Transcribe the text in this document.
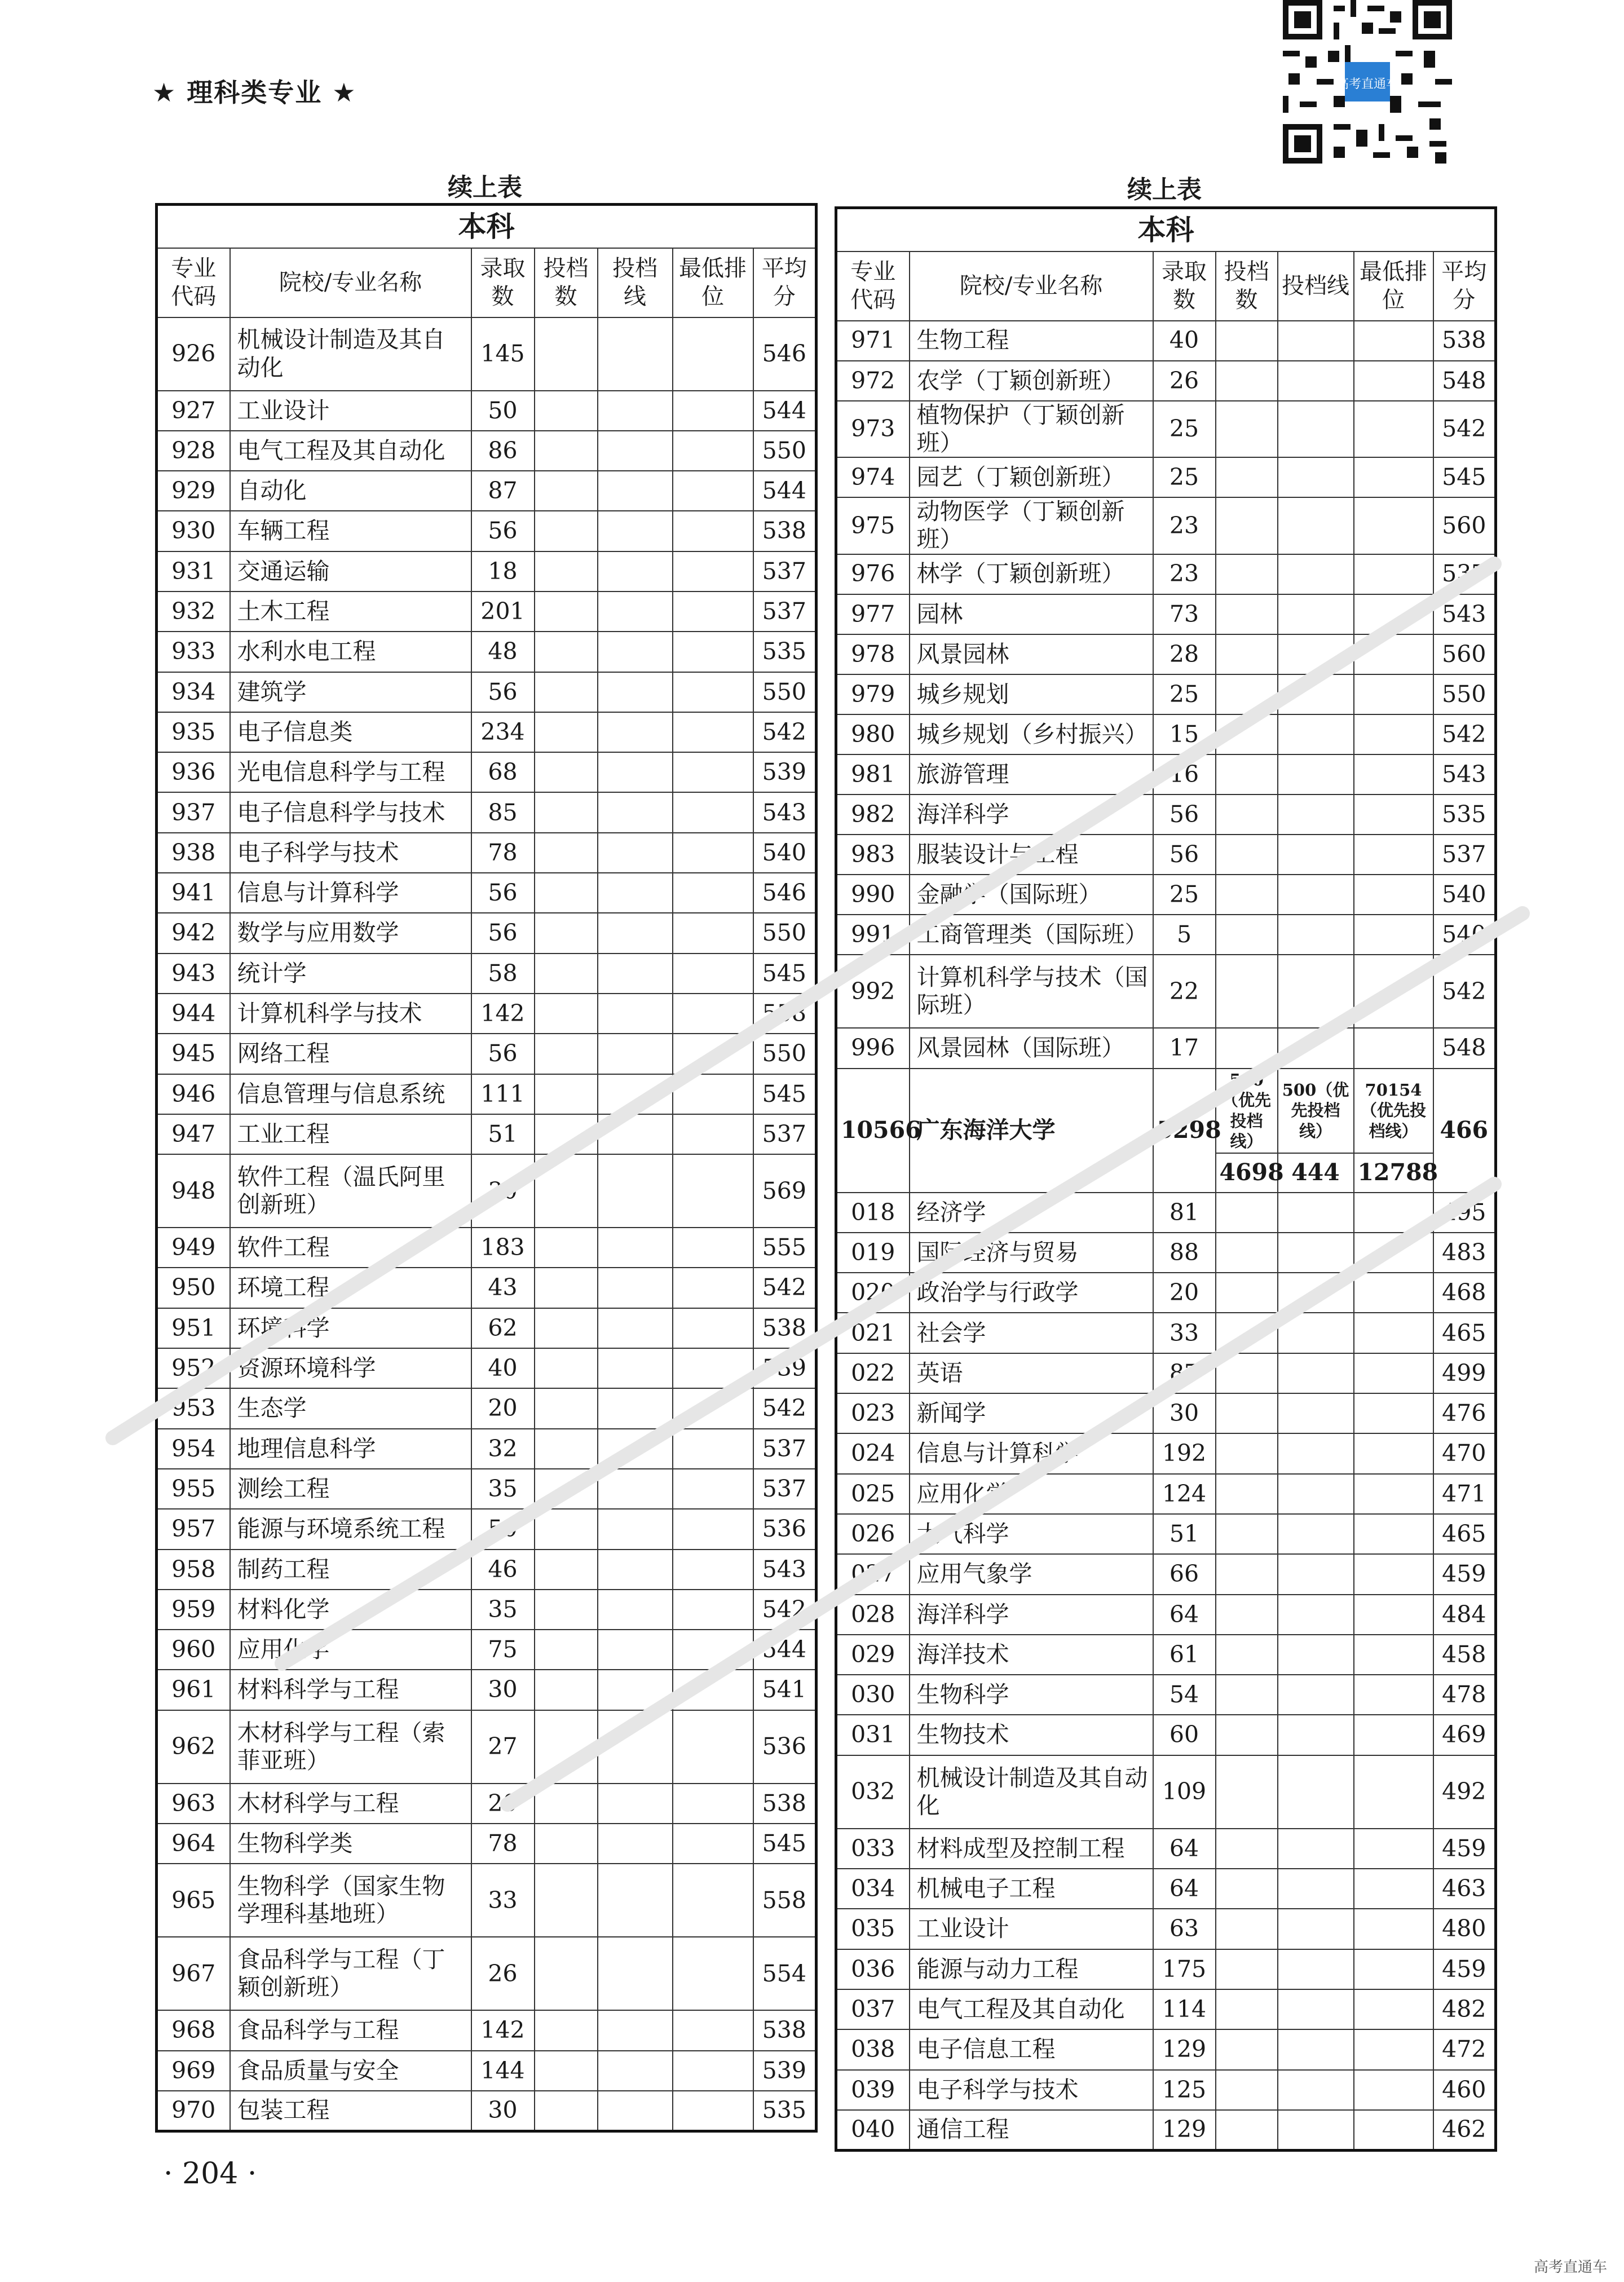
★ 理科类专业 ★	高考直通车
续上表	续上表
本科						
专业代码	院校/专业名称	录取数	投档数	投档线	最低排位	平均分
926	机械设计制造及其自动化	145				546
927	工业设计	50				544
928	电气工程及其自动化	86				550
929	自动化	87				544
930	车辆工程	56				538
931	交通运输	18				537
932	土木工程	201				537
933	水利水电工程	48				535
934	建筑学	56				550
935	电子信息类	234				542
936	光电信息科学与工程	68				539
937	电子信息科学与技术	85				543
938	电子科学与技术	78				540
941	信息与计算科学	56				546
942	数学与应用数学	56				550
943	统计学	58				545
944	计算机科学与技术	142				558
945	网络工程	56				550
946	信息管理与信息系统	111				545
947	工业工程	51				537
948	软件工程（温氏阿里创新班）	30				569
949	软件工程	183				555
950	环境工程	43				542
951	环境科学	62				538
952	资源环境科学	40				539
953	生态学	20				542
954	地理信息科学	32				537
955	测绘工程	35				537
957	能源与环境系统工程	50				536
958	制药工程	46				543
959	材料化学	35				542
960	应用化学	75				544
961	材料科学与工程	30				541
962	木材科学与工程（索菲亚班）	27				536
963	木材科学与工程	20				538
964	生物科学类	78				545
965	生物科学（国家生物学理科基地班）	33				558
967	食品科学与工程（丁颖创新班）	26				554
968	食品科学与工程	142				538
969	食品质量与安全	144				539
970	包装工程	30				535
本科						
专业代码	院校/专业名称	录取数	投档数	投档线	最低排位	平均分
971	生物工程	40				538
972	农学（丁颖创新班）	26				548
973	植物保护（丁颖创新班）	25				542
974	园艺（丁颖创新班）	25				545
975	动物医学（丁颖创新班）	23				560
976	林学（丁颖创新班）	23				537
977	园林	73				543
978	风景园林	28				560
979	城乡规划	25				550
980	城乡规划（乡村振兴）	15				542
981	旅游管理	16				543
982	海洋科学	56				535
983	服装设计与工程	56				537
990	金融学（国际班）	25				540
991	工商管理类（国际班）	5				540
992	计算机科学与技术（国际班）	22				542
996	风景园林（国际班）	17				548
10566	广东海洋大学	5298	580（优先投档线）	500（优先投档线）	70154（优先投档线）	466
			4698	444	12788	
018	经济学	81				495
019	国际经济与贸易	88				483
020	政治学与行政学	20				468
021	社会学	33				465
022	英语	87				499
023	新闻学	30				476
024	信息与计算科学	192				470
025	应用化学	124				471
026	大气科学	51				465
027	应用气象学	66				459
028	海洋科学	64				484
029	海洋技术	61				458
030	生物科学	54				478
031	生物技术	60				469
032	机械设计制造及其自动化	109				492
033	材料成型及控制工程	64				459
034	机械电子工程	64				463
035	工业设计	63				480
036	能源与动力工程	175				459
037	电气工程及其自动化	114				482
038	电子信息工程	129				472
039	电子科学与技术	125				460
040	通信工程	129				462
· 204 ·
高考直通车
